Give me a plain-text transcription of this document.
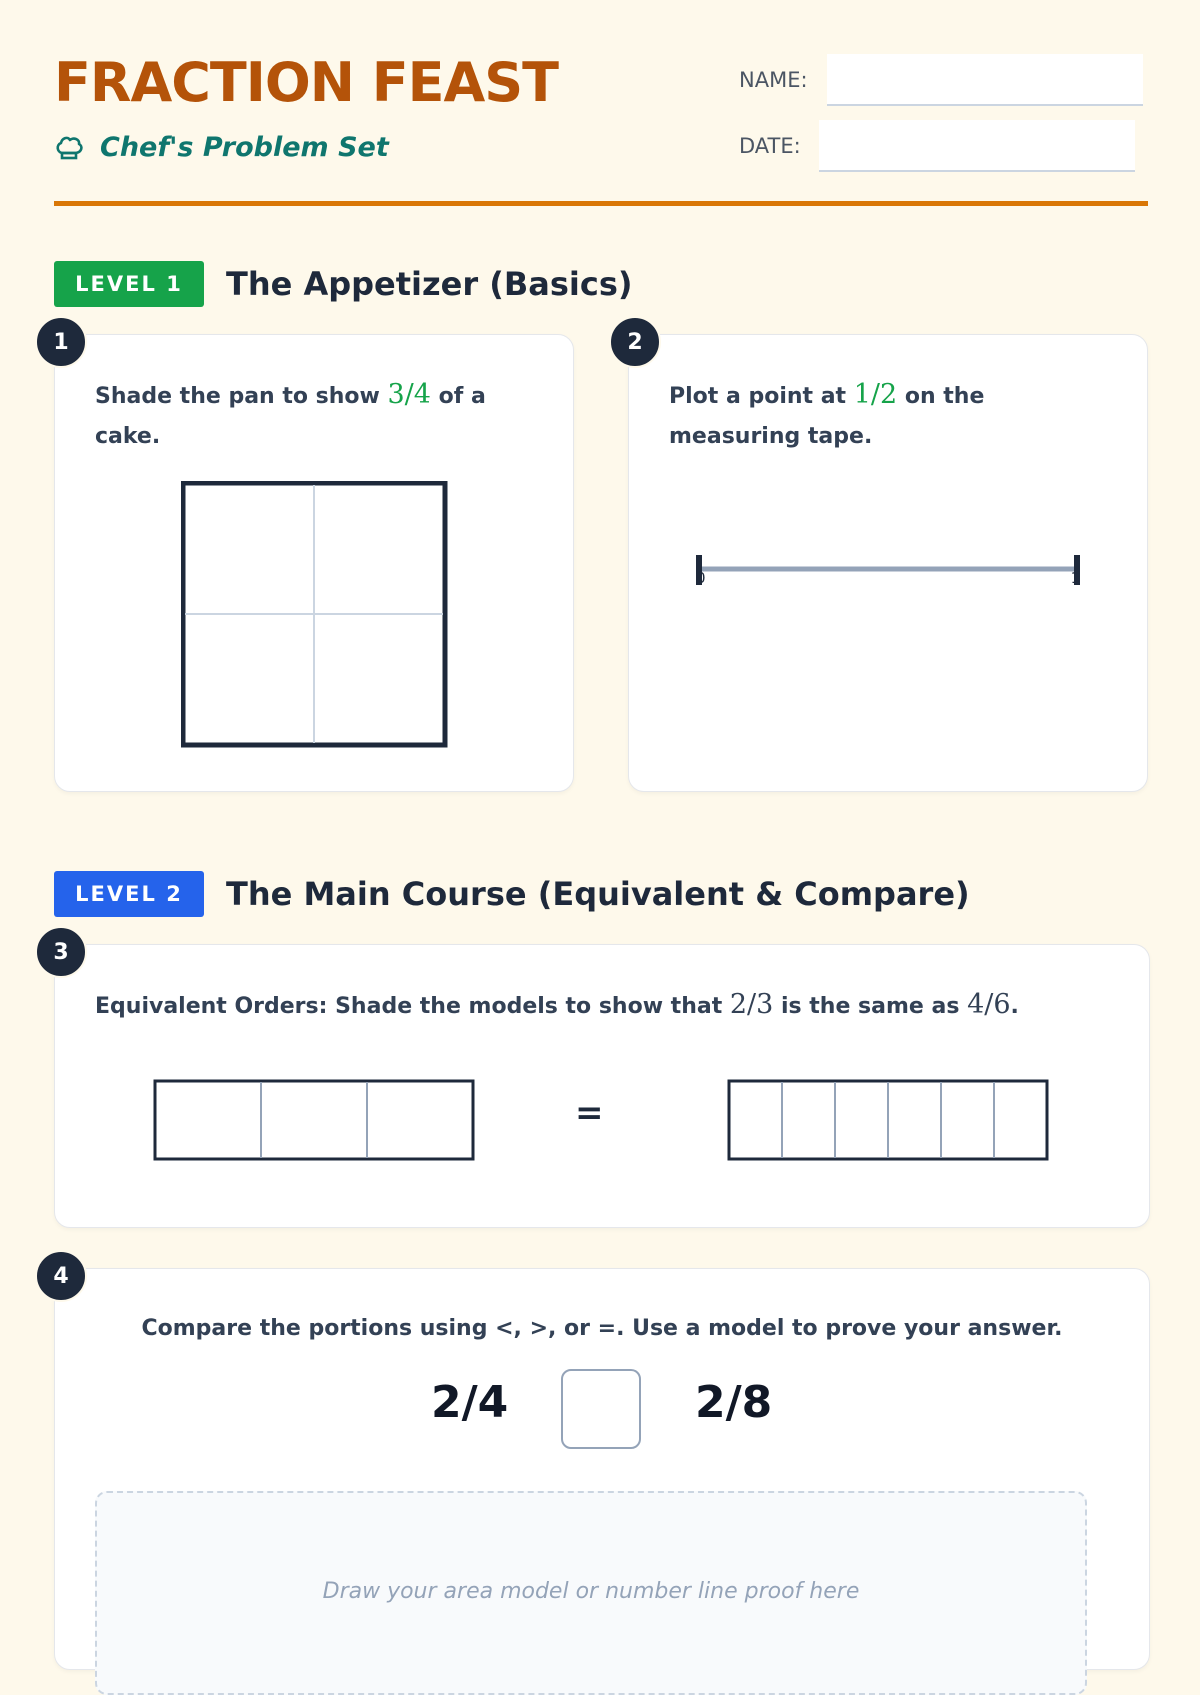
FRACTION FEAST
Chef's Problem Set
NAME:
DATE:
LEVEL 1	The Appetizer (Basics)
Shade the pan to show 3/4 of a cake.
1
Plot a point at 1/2 on the measuring tape.
0	1
2
LEVEL 2	The Main Course (Equivalent & Compare)
Equivalent Orders: Shade the models to show that 2/3 is the same as 4/6.
=
3
Compare the portions using <, >, or =. Use a model to prove your answer.
2/4	2/8
Draw your area model or number line proof here
4
